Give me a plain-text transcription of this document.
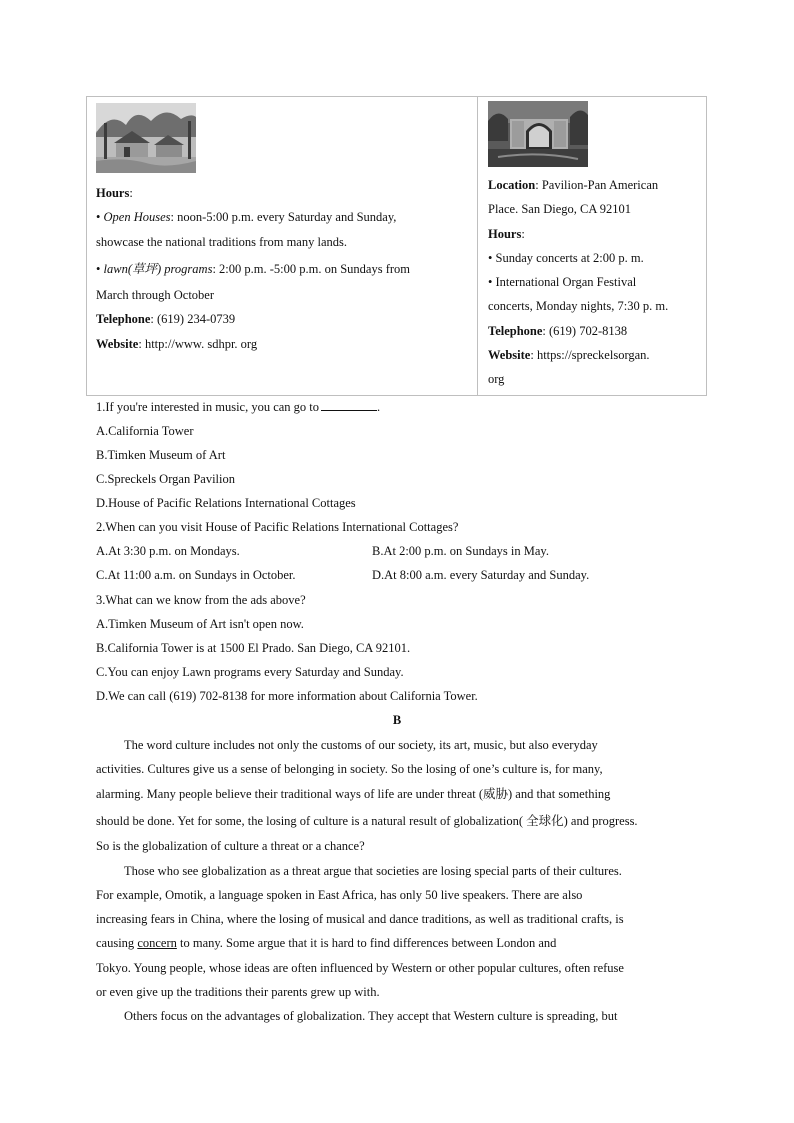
Hours:
• Open Houses: noon-5:00 p.m. every Saturday and Sunday,
showcase the national traditions from many lands.
• lawn(草坪) programs: 2:00 p.m. -5:00 p.m. on Sundays from
March through October
Telephone: (619) 234-0739
Website: http://www. sdhpr. org
Location: Pavilion-Pan American
Place. San Diego, CA 92101
Hours:
• Sunday concerts at 2:00 p. m.
• International Organ Festival
concerts, Monday nights, 7:30 p. m.
Telephone: (619) 702-8138
Website: https://spreckelsorgan.
org
1.If you're interested in music, you can go to	.
A.California Tower
B.Timken Museum of Art
C.Spreckels Organ Pavilion
D.House of Pacific Relations International Cottages
2.When can you visit House of Pacific Relations International Cottages?
A.At 3:30 p.m. on Mondays.	B.At 2:00 p.m. on Sundays in May.
C.At 11:00 a.m. on Sundays in October.	D.At 8:00 a.m. every Saturday and Sunday.
3.What can we know from the ads above?
A.Timken Museum of Art isn't open now.
B.California Tower is at 1500 El Prado. San Diego, CA 92101.
C.You can enjoy Lawn programs every Saturday and Sunday.
D.We can call (619) 702-8138 for more information about California Tower.
B
The word culture includes not only the customs of our society, its art, music, but also everyday
activities. Cultures give us a sense of belonging in society. So the losing of one’s culture is, for many,
alarming. Many people believe their traditional ways of life are under threat (威胁) and that something
should be done. Yet for some, the losing of culture is a natural result of globalization( 全球化) and progress.
So is the globalization of culture a threat or a chance?
Those who see globalization as a threat argue that societies are losing special parts of their cultures.
For example, Omotik, a language spoken in East Africa, has only 50 live speakers. There are also
increasing fears in China, where the losing of musical and dance traditions, as well as traditional crafts, is
causing concern to many. Some argue that it is hard to find differences between London and
Tokyo. Young people, whose ideas are often influenced by Western or other popular cultures, often refuse
or even give up the traditions their parents grew up with.
Others focus on the advantages of globalization. They accept that Western culture is spreading, but
